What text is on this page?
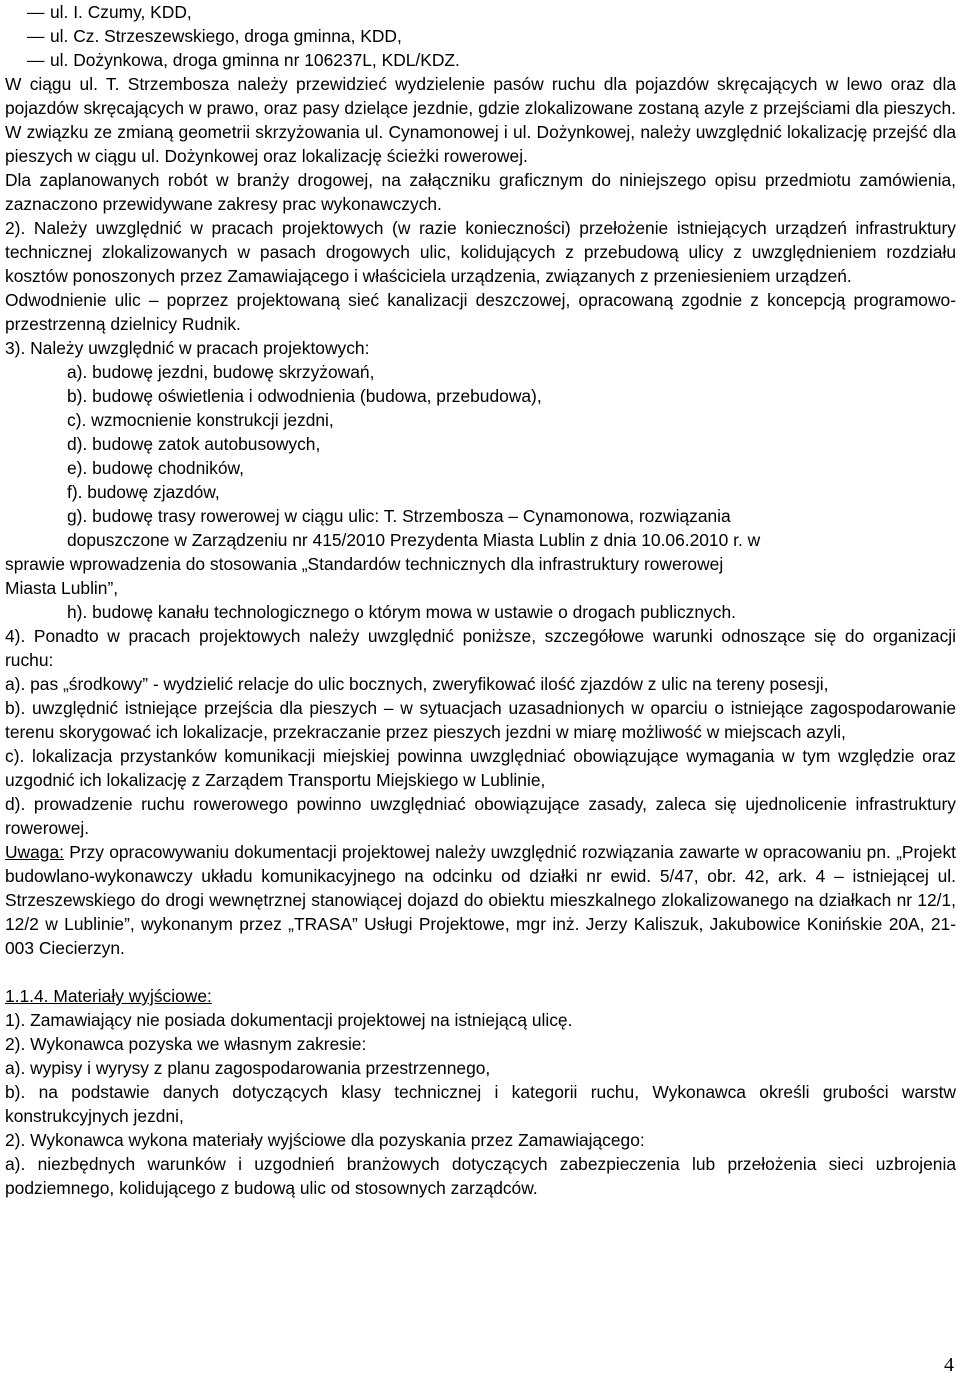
—
ul. I. Czumy, KDD,
—
ul. Cz. Strzeszewskiego, droga gminna, KDD,
—
ul. Dożynkowa, droga gminna nr 106237L, KDL/KDZ.

W ciągu ul. T. Strzembosza należy przewidzieć wydzielenie pasów ruchu dla pojazdów skręcających w lewo oraz dla pojazdów skręcających w prawo, oraz pasy dzielące jezdnie, gdzie zlokalizowane zostaną azyle z przejściami dla pieszych. W związku ze zmianą geometrii skrzyżowania ul. Cynamonowej i ul. Dożynkowej, należy uwzględnić lokalizację przejść dla pieszych w ciągu ul. Dożynkowej oraz lokalizację ścieżki rowerowej.

Dla zaplanowanych robót w branży drogowej, na załączniku graficznym do niniejszego opisu przedmiotu zamówienia, zaznaczono przewidywane zakresy prac wykonawczych.

2). Należy uwzględnić w pracach projektowych (w razie konieczności) przełożenie istniejących urządzeń infrastruktury technicznej zlokalizowanych w pasach drogowych ulic, kolidujących z przebudową ulicy z uwzględnieniem rozdziału kosztów ponoszonych przez Zamawiającego i właściciela urządzenia, związanych z przeniesieniem urządzeń.

Odwodnienie ulic – poprzez projektowaną sieć kanalizacji deszczowej, opracowaną zgodnie z koncepcją programowo-przestrzenną dzielnicy Rudnik.

3). Należy uwzględnić w pracach projektowych:

a). budowę jezdni, budowę skrzyżowań,

b). budowę oświetlenia i odwodnienia (budowa, przebudowa),

c). wzmocnienie konstrukcji jezdni,

d). budowę zatok autobusowych,

e). budowę chodników,

f). budowę zjazdów,

g). budowę trasy rowerowej w ciągu ulic: T. Strzembosza – Cynamonowa, rozwiązania

dopuszczone w Zarządzeniu nr 415/2010 Prezydenta Miasta Lublin z dnia 10.06.2010 r. w

sprawie wprowadzenia do stosowania „Standardów technicznych dla infrastruktury rowerowej

Miasta Lublin”,

h). budowę kanału technologicznego o którym mowa w ustawie o drogach publicznych.

4). Ponadto w pracach projektowych należy uwzględnić poniższe, szczegółowe warunki odnoszące się do organizacji ruchu:

a). pas „środkowy” - wydzielić relacje do ulic bocznych, zweryfikować ilość zjazdów z ulic na tereny posesji,

b). uwzględnić istniejące przejścia dla pieszych – w sytuacjach uzasadnionych w oparciu o istniejące zagospodarowanie terenu skorygować ich lokalizacje, przekraczanie przez pieszych jezdni w miarę możliwość w miejscach azyli,

c). lokalizacja przystanków komunikacji miejskiej powinna uwzględniać obowiązujące wymagania w tym względzie oraz uzgodnić ich lokalizację z Zarządem Transportu Miejskiego w Lublinie,

d). prowadzenie ruchu rowerowego powinno uwzględniać obowiązujące zasady, zaleca się ujednolicenie infrastruktury rowerowej.

Uwaga: Przy opracowywaniu dokumentacji projektowej należy uwzględnić rozwiązania zawarte w opracowaniu pn. „Projekt budowlano-wykonawczy układu komunikacyjnego na odcinku od działki nr ewid. 5/47, obr. 42, ark. 4 – istniejącej ul. Strzeszewskiego do drogi wewnętrznej stanowiącej dojazd do obiektu mieszkalnego zlokalizowanego na działkach nr 12/1, 12/2 w Lublinie”, wykonanym przez „TRASA” Usługi Projektowe, mgr inż. Jerzy Kaliszuk, Jakubowice Konińskie 20A, 21-003 Ciecierzyn.

1.1.4. Materiały wyjściowe:

1). Zamawiający nie posiada dokumentacji projektowej na istniejącą ulicę.

2). Wykonawca pozyska we własnym zakresie:

a). wypisy i wyrysy z planu zagospodarowania przestrzennego,

b). na podstawie danych dotyczących klasy technicznej i kategorii ruchu, Wykonawca określi grubości warstw konstrukcyjnych jezdni,

2). Wykonawca wykona materiały wyjściowe dla pozyskania przez Zamawiającego:

a). niezbędnych warunków i uzgodnień branżowych dotyczących zabezpieczenia lub przełożenia sieci uzbrojenia podziemnego, kolidującego z budową ulic od stosownych zarządców.

4
